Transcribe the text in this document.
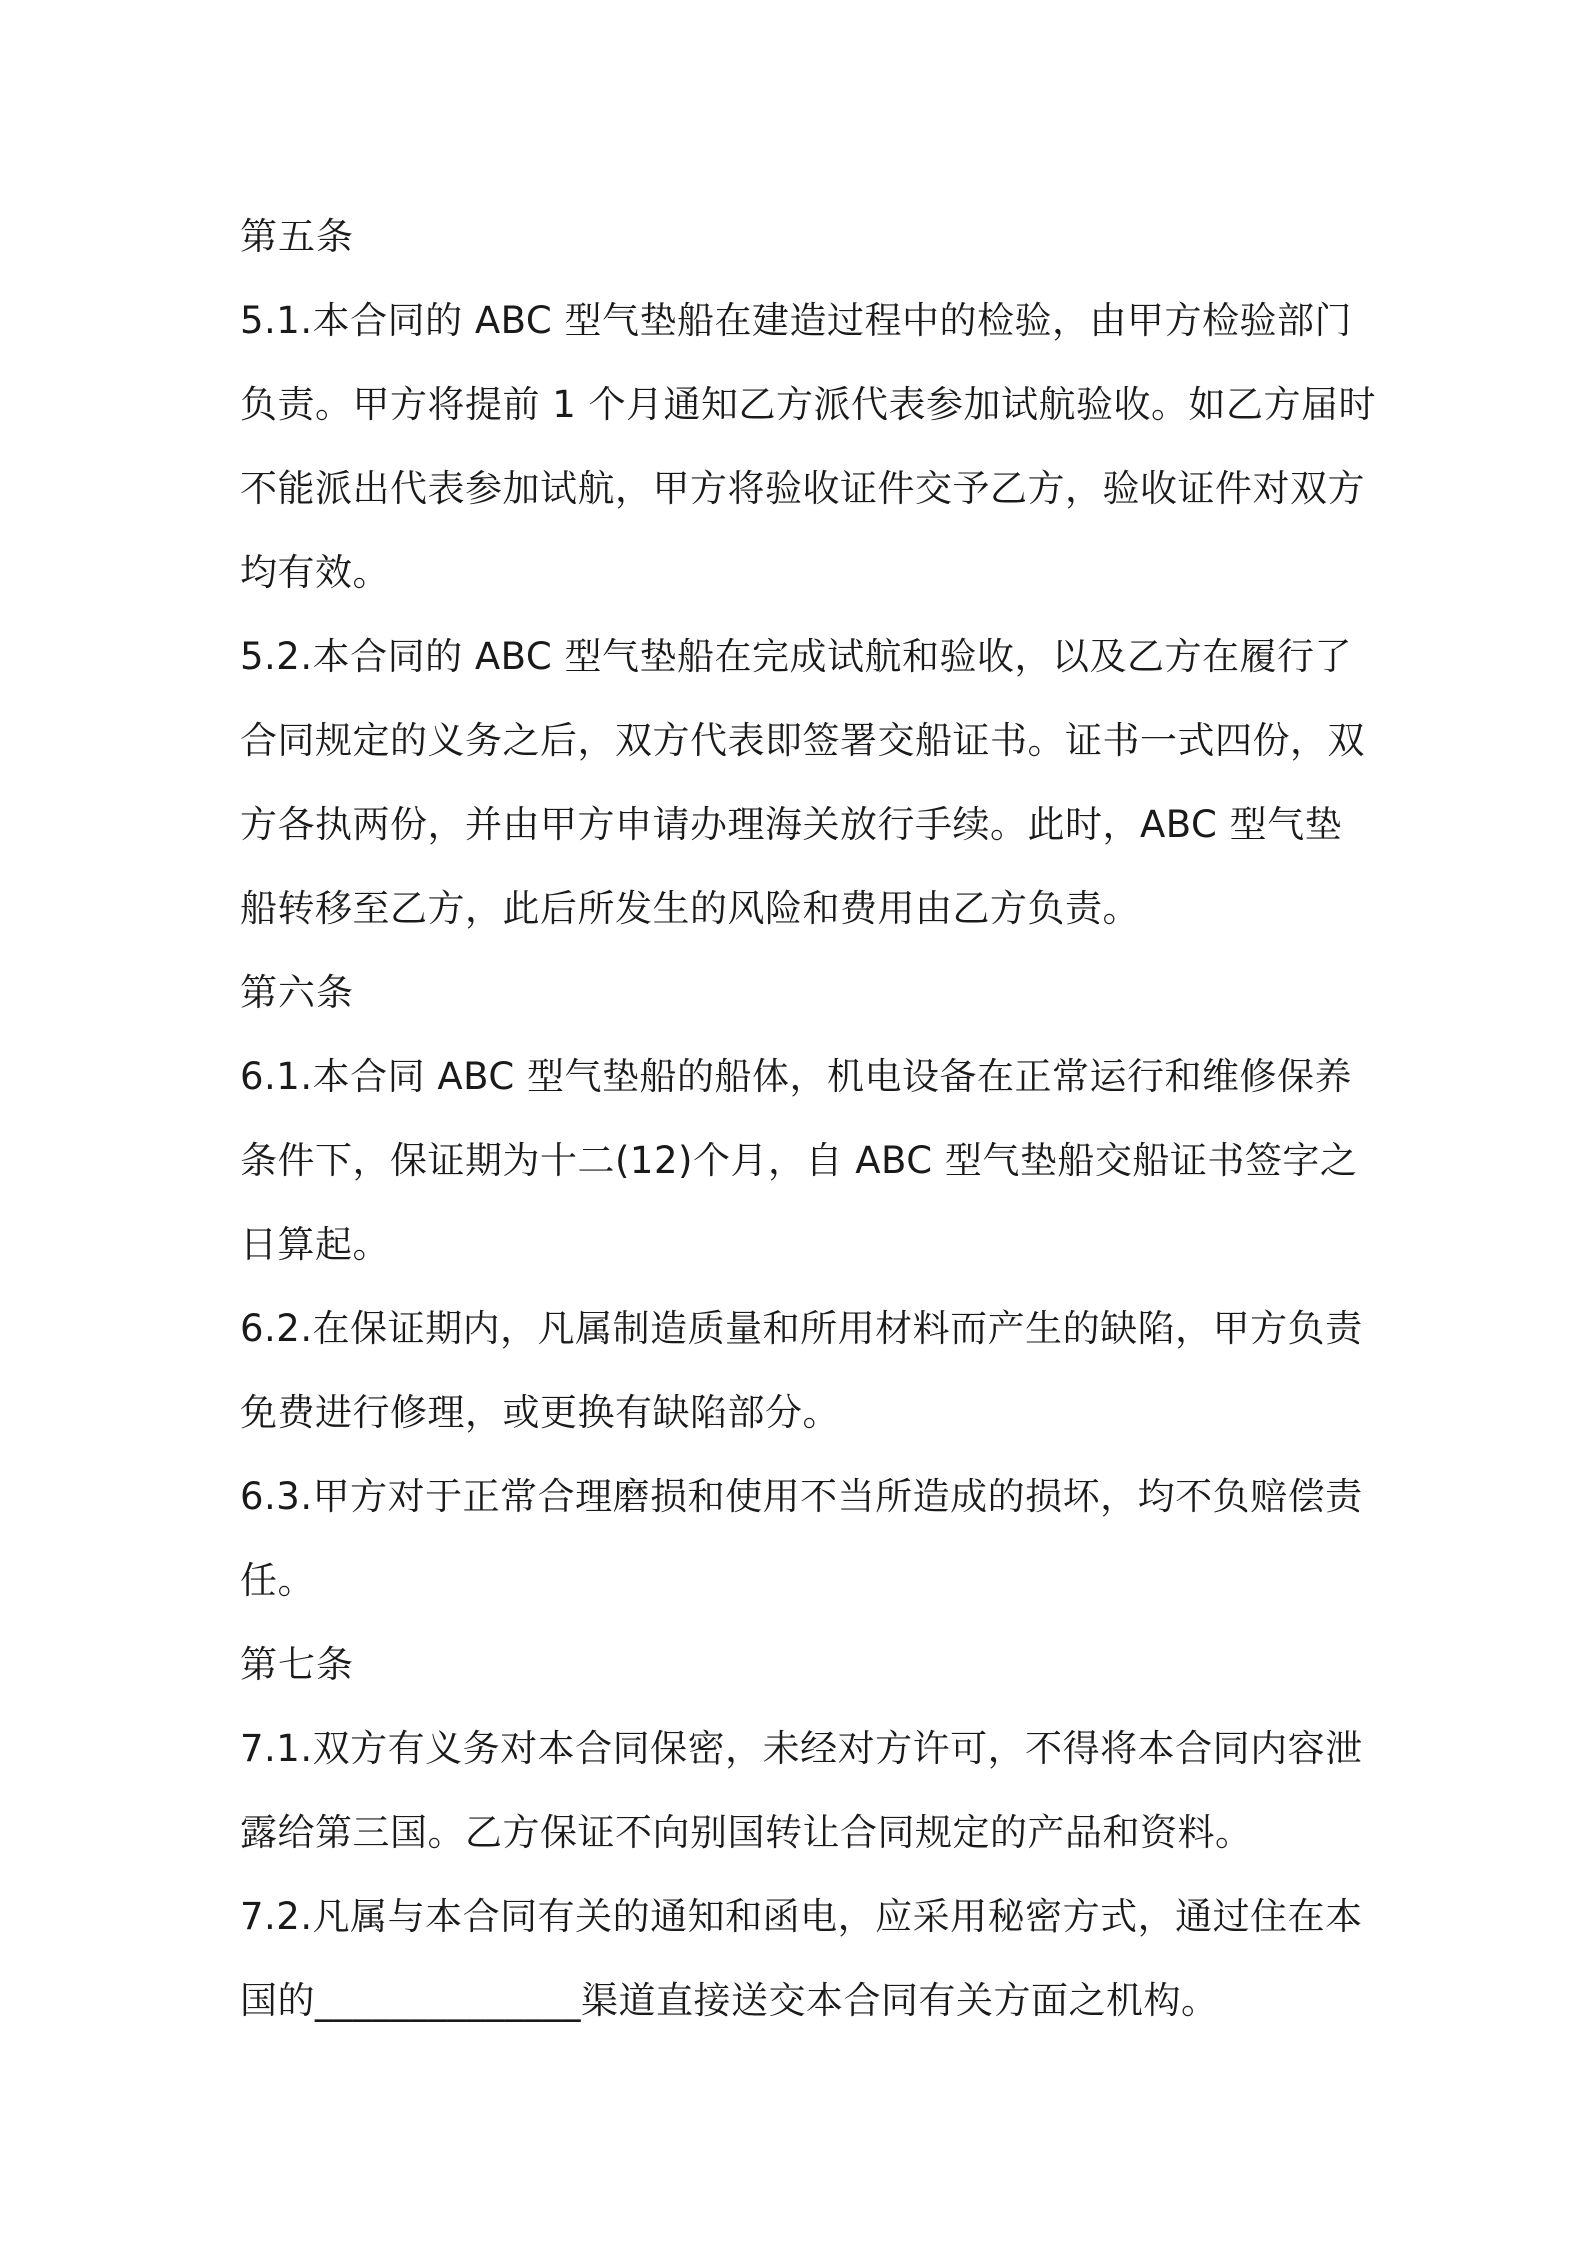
第五条
5.1.本合同的 ABC 型气垫船在建造过程中的检验，由甲方检验部门
负责。甲方将提前 1 个月通知乙方派代表参加试航验收。如乙方届时
不能派出代表参加试航，甲方将验收证件交予乙方，验收证件对双方
均有效。
5.2.本合同的 ABC 型气垫船在完成试航和验收，以及乙方在履行了
合同规定的义务之后，双方代表即签署交船证书。证书一式四份，双
方各执两份，并由甲方申请办理海关放行手续。此时，ABC 型气垫
船转移至乙方，此后所发生的风险和费用由乙方负责。
第六条
6.1.本合同 ABC 型气垫船的船体，机电设备在正常运行和维修保养
条件下，保证期为十二(12)个月，自 ABC 型气垫船交船证书签字之
日算起。
6.2.在保证期内，凡属制造质量和所用材料而产生的缺陷，甲方负责
免费进行修理，或更换有缺陷部分。
6.3.甲方对于正常合理磨损和使用不当所造成的损坏，均不负赔偿责
任。
第七条
7.1.双方有义务对本合同保密，未经对方许可，不得将本合同内容泄
露给第三国。乙方保证不向别国转让合同规定的产品和资料。
7.2.凡属与本合同有关的通知和函电，应采用秘密方式，通过住在本
国的______________渠道直接送交本合同有关方面之机构。
